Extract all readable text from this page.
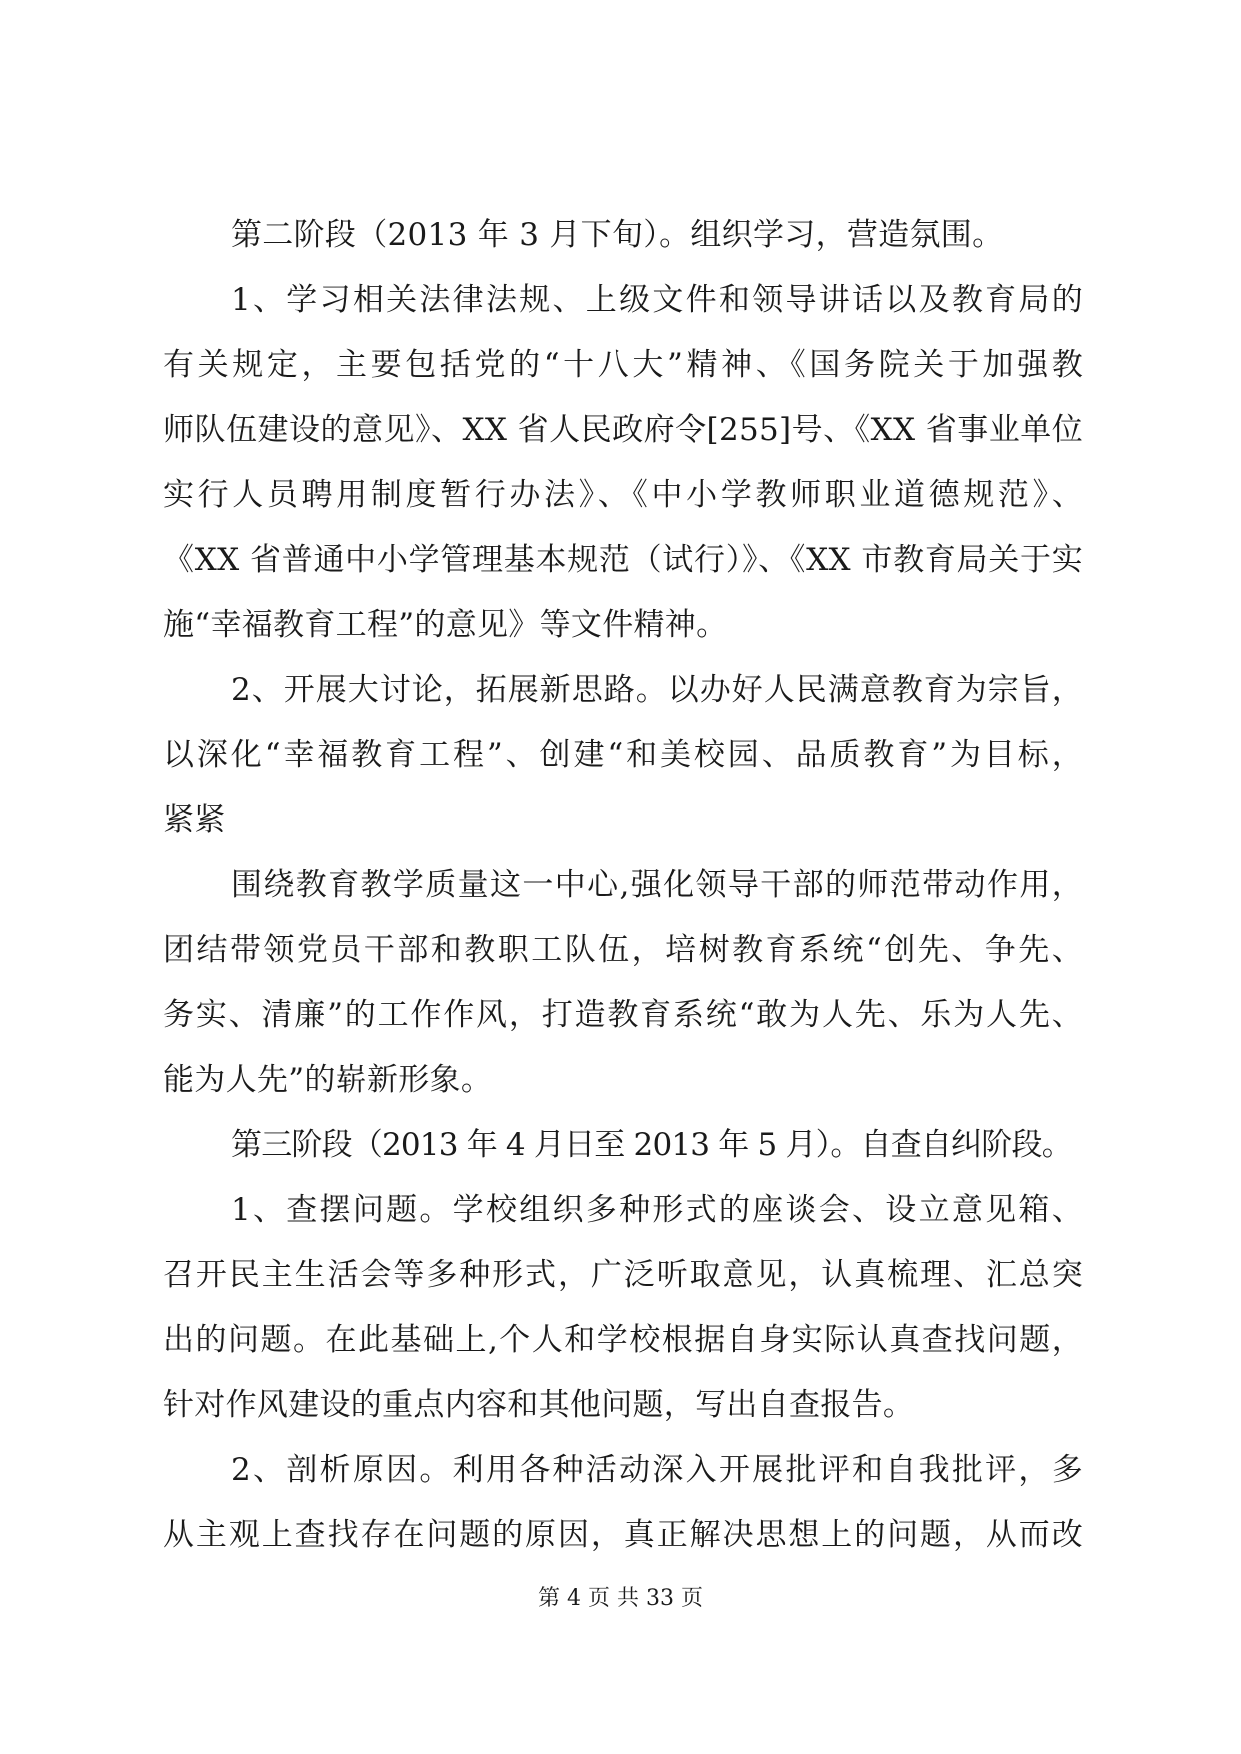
第二阶段（2013 年 3 月下旬）。组织学习，营造氛围。
1、学习相关法律法规、上级文件和领导讲话以及教育局的
有关规定，主要包括党的“十八大”精神、《国务院关于加强教
师队伍建设的意见》、XX 省人民政府令[255]号、《XX 省事业单位
实行人员聘用制度暂行办法》、《中小学教师职业道德规范》、
《XX 省普通中小学管理基本规范（试行）》、《XX 市教育局关于实
施“幸福教育工程”的意见》等文件精神。
2、开展大讨论，拓展新思路。以办好人民满意教育为宗旨，
以深化“幸福教育工程”、创建“和美校园、品质教育”为目标，
紧紧
围绕教育教学质量这一中心,强化领导干部的师范带动作用，
团结带领党员干部和教职工队伍，培树教育系统“创先、争先、
务实、清廉”的工作作风，打造教育系统“敢为人先、乐为人先、
能为人先”的崭新形象。
第三阶段（2013 年 4 月日至 2013 年 5 月）。自查自纠阶段。
1、查摆问题。学校组织多种形式的座谈会、设立意见箱、
召开民主生活会等多种形式，广泛听取意见，认真梳理、汇总突
出的问题。在此基础上,个人和学校根据自身实际认真查找问题，
针对作风建设的重点内容和其他问题，写出自查报告。
2、剖析原因。利用各种活动深入开展批评和自我批评，多
从主观上查找存在问题的原因，真正解决思想上的问题，从而改
第 4 页 共 33 页
